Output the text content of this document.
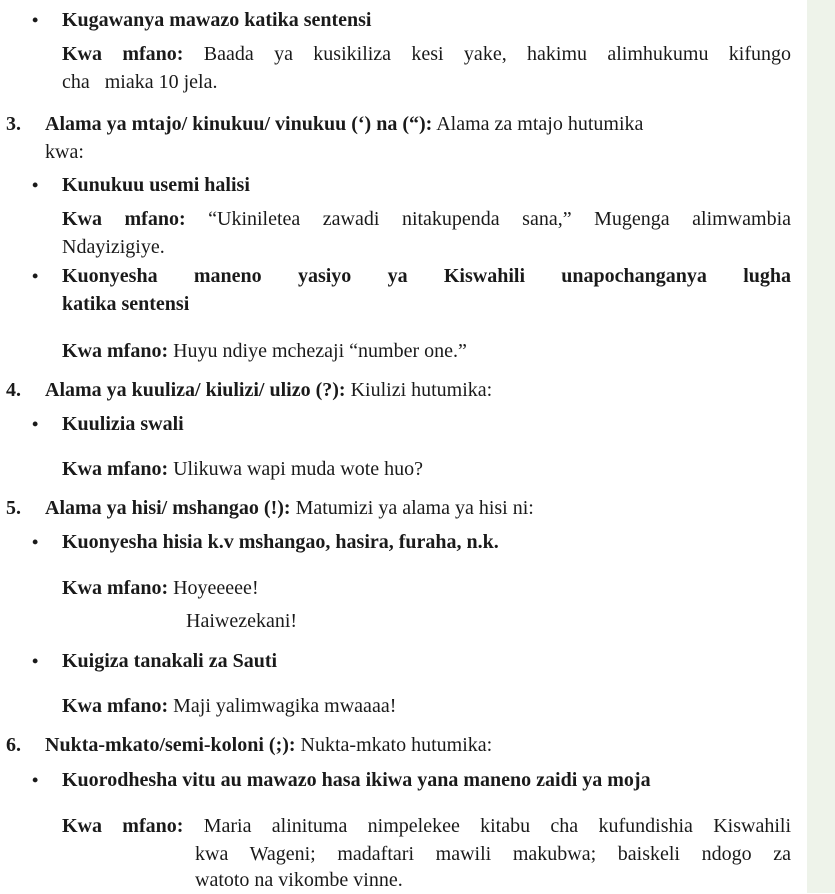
• Kugawanya mawazo katika sentensi
Kwa mfano: Baada ya kusikiliza kesi yake, hakimu alimhukumu kifungo
cha   miaka 10 jela.
3. Alama ya mtajo/ kinukuu/ vinukuu (‘) na (“): Alama za mtajo hutumika
kwa:
• Kunukuu usemi halisi
Kwa mfano: “Ukiniletea zawadi nitakupenda sana,” Mugenga alimwambia
Ndayizigiye.
• Kuonyesha maneno yasiyo ya Kiswahili unapochanganya lugha
katika sentensi
Kwa mfano: Huyu ndiye mchezaji “number one.”
4. Alama ya kuuliza/ kiulizi/ ulizo (?): Kiulizi hutumika:
• Kuulizia swali
Kwa mfano: Ulikuwa wapi muda wote huo?
5. Alama ya hisi/ mshangao (!): Matumizi ya alama ya hisi ni:
• Kuonyesha hisia k.v mshangao, hasira, furaha, n.k.
Kwa mfano: Hoyeeeee!
Haiwezekani!
• Kuigiza tanakali za Sauti
Kwa mfano: Maji yalimwagika mwaaaa!
6. Nukta-mkato/semi-koloni (;): Nukta-mkato hutumika:
• Kuorodhesha vitu au mawazo hasa ikiwa yana maneno zaidi ya moja
Kwa mfano: Maria alinituma nimpelekee kitabu cha kufundishia Kiswahili
kwa Wageni; madaftari mawili makubwa; baiskeli ndogo za
watoto na vikombe vinne.
